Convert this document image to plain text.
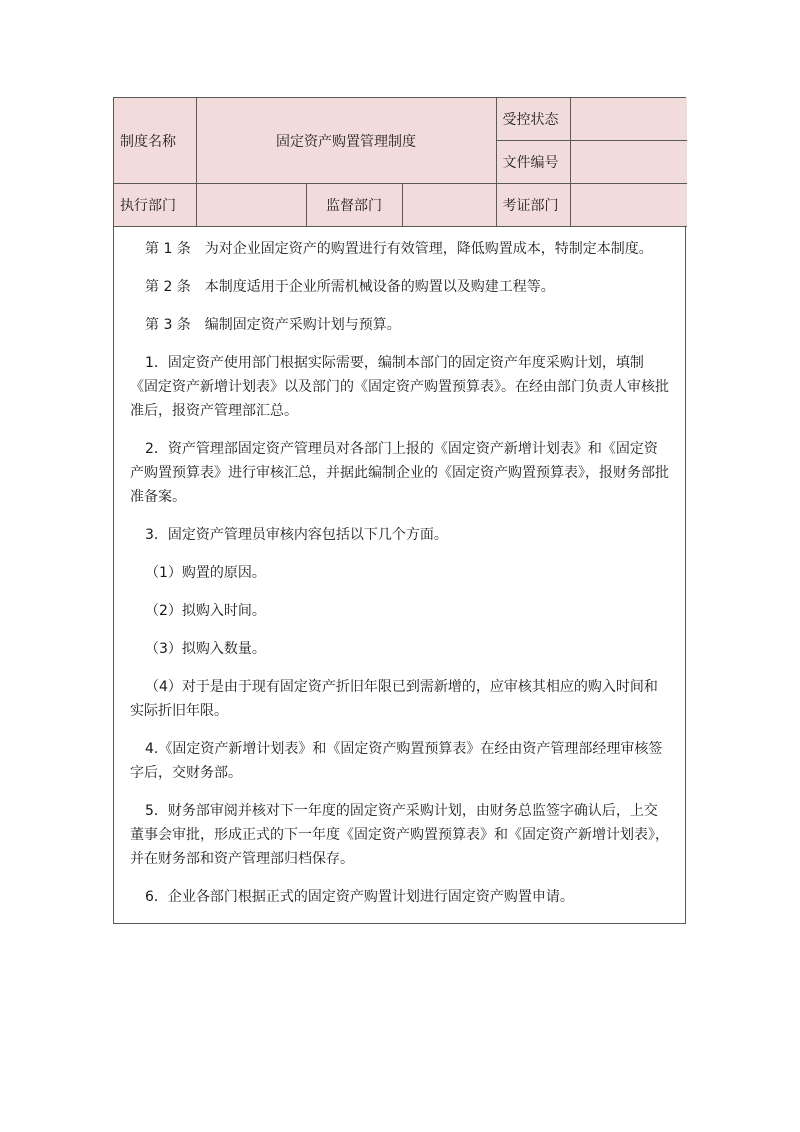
制度名称	固定资产购置管理制度			受控状态	
				文件编号	
执行部门		监督部门		考证部门	

第 1 条　为对企业固定资产的购置进行有效管理，降低购置成本，特制定本制度。

第 2 条　本制度适用于企业所需机械设备的购置以及购建工程等。

第 3 条　编制固定资产采购计划与预算。

1．固定资产使用部门根据实际需要，编制本部门的固定资产年度采购计划，填制《固定资产新增计划表》以及部门的《固定资产购置预算表》。在经由部门负责人审核批准后，报资产管理部汇总。

2．资产管理部固定资产管理员对各部门上报的《固定资产新增计划表》和《固定资产购置预算表》进行审核汇总，并据此编制企业的《固定资产购置预算表》，报财务部批准备案。

3．固定资产管理员审核内容包括以下几个方面。

（1）购置的原因。

（2）拟购入时间。

（3）拟购入数量。

（4）对于是由于现有固定资产折旧年限已到需新增的，应审核其相应的购入时间和实际折旧年限。

4.《固定资产新增计划表》和《固定资产购置预算表》在经由资产管理部经理审核签字后，交财务部。

5．财务部审阅并核对下一年度的固定资产采购计划，由财务总监签字确认后，上交董事会审批，形成正式的下一年度《固定资产购置预算表》和《固定资产新增计划表》，并在财务部和资产管理部归档保存。

6．企业各部门根据正式的固定资产购置计划进行固定资产购置申请。
